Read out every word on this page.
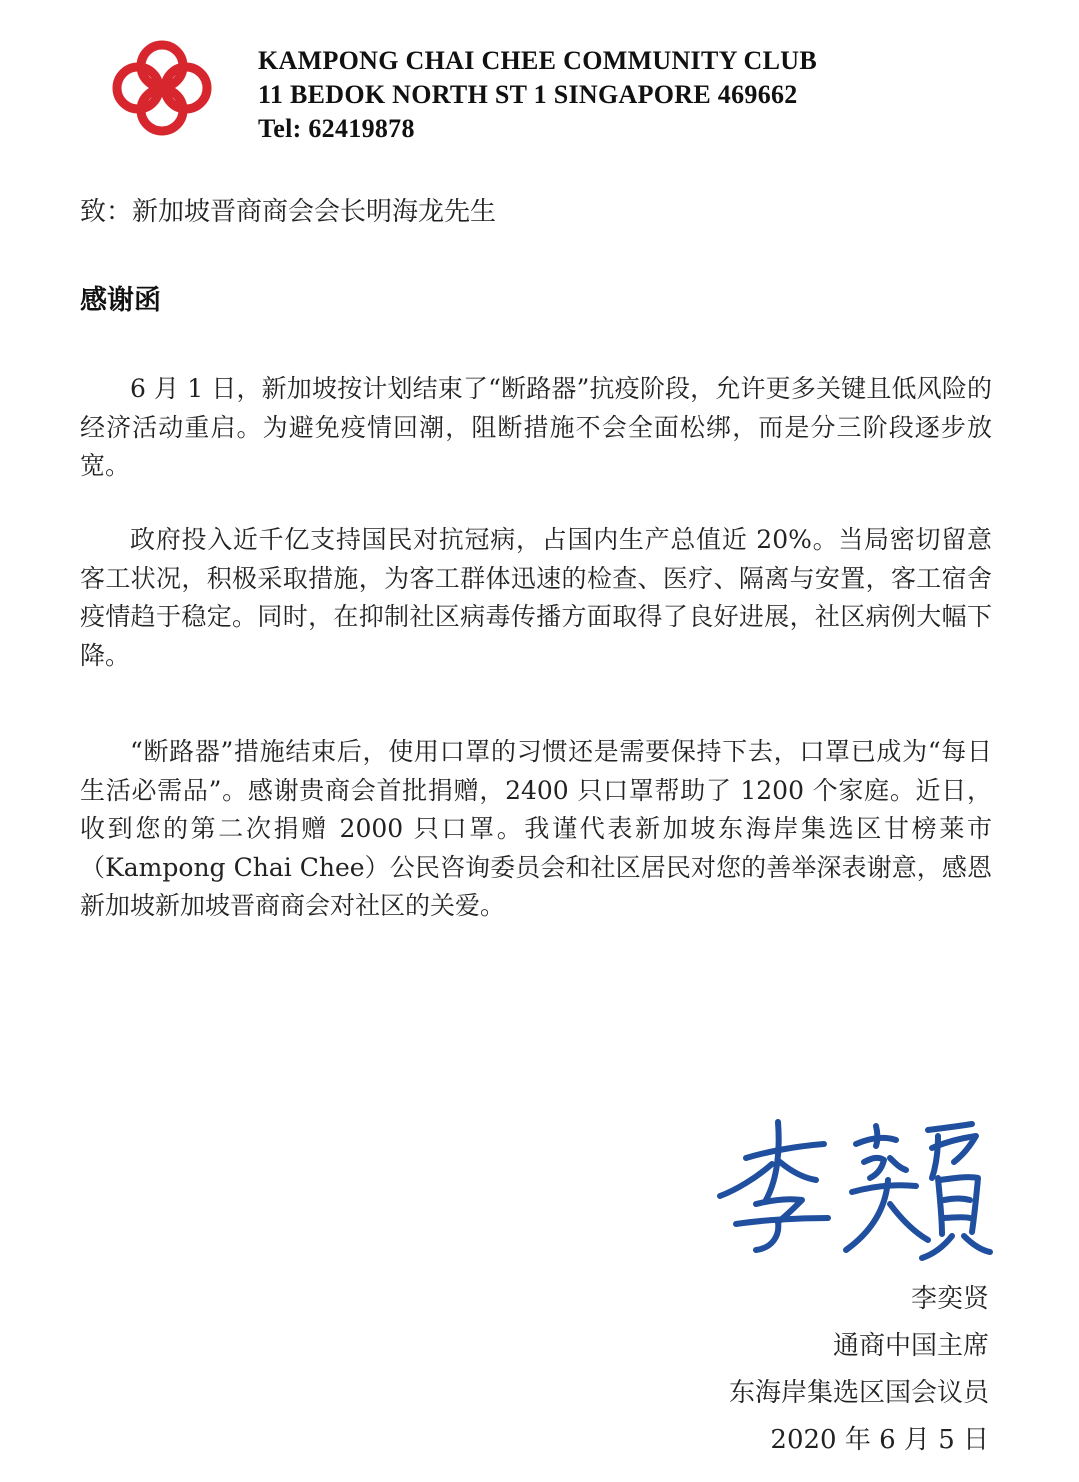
KAMPONG CHAI CHEE COMMUNITY CLUB
11 BEDOK NORTH ST 1 SINGAPORE 469662
Tel: 62419878
致：新加坡晋商商会会长明海龙先生
感谢函

6 月 1 日，新加坡按计划结束了“断路器”抗疫阶段，允许更多关键且低风险的经济活动重启。为避免疫情回潮，阻断措施不会全面松绑，而是分三阶段逐步放宽。

政府投入近千亿支持国民对抗冠病，占国内生产总值近 20%。当局密切留意客工状况，积极采取措施，为客工群体迅速的检查、医疗、隔离与安置，客工宿舍疫情趋于稳定。同时，在抑制社区病毒传播方面取得了良好进展，社区病例大幅下降。

“断路器”措施结束后，使用口罩的习惯还是需要保持下去，口罩已成为“每日生活必需品”。感谢贵商会首批捐赠，2400 只口罩帮助了 1200 个家庭。近日，收到您的第二次捐赠 2000 只口罩。我谨代表新加坡东海岸集选区甘榜莱市（Kampong Chai Chee）公民咨询委员会和社区居民对您的善举深表谢意，感恩新加坡新加坡晋商商会对社区的关爱。

李奕贤
通商中国主席
东海岸集选区国会议员
2020 年 6 月 5 日
